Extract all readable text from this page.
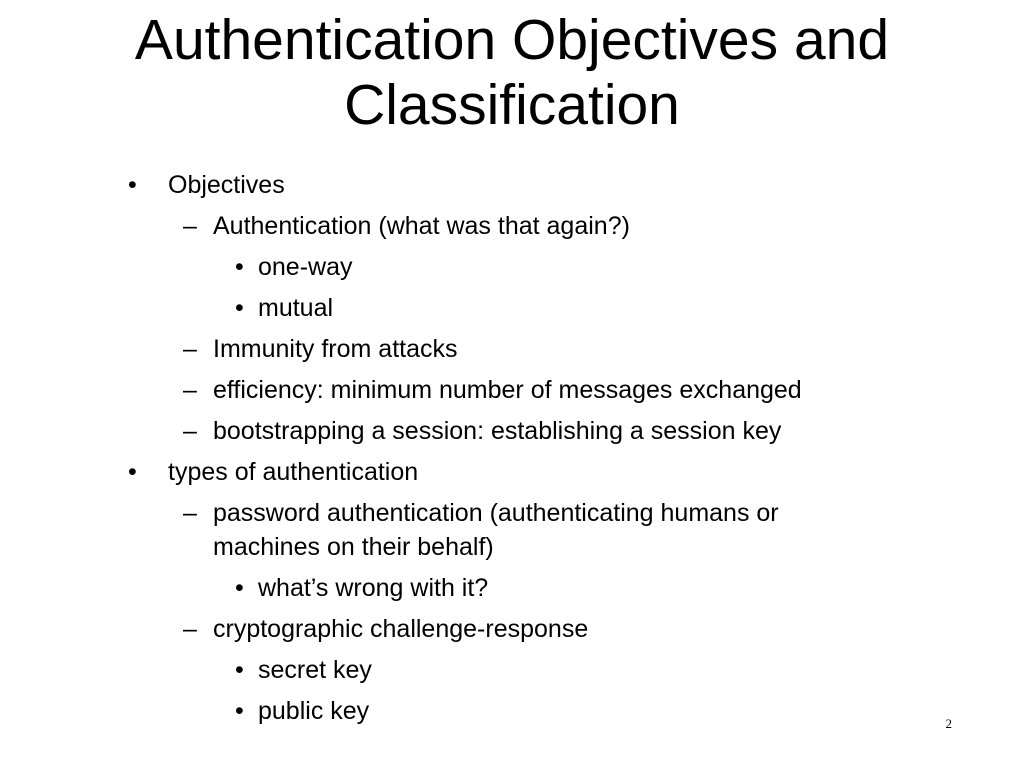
Authentication Objectives and
Classification
• Objectives
– Authentication (what was that again?)
• one-way
• mutual
– Immunity from attacks
– efficiency: minimum number of messages exchanged
– bootstrapping a session: establishing a session key
• types of authentication
– password authentication (authenticating humans or
machines on their behalf)
• what’s wrong with it?
– cryptographic challenge-response
• secret key
• public key	2
